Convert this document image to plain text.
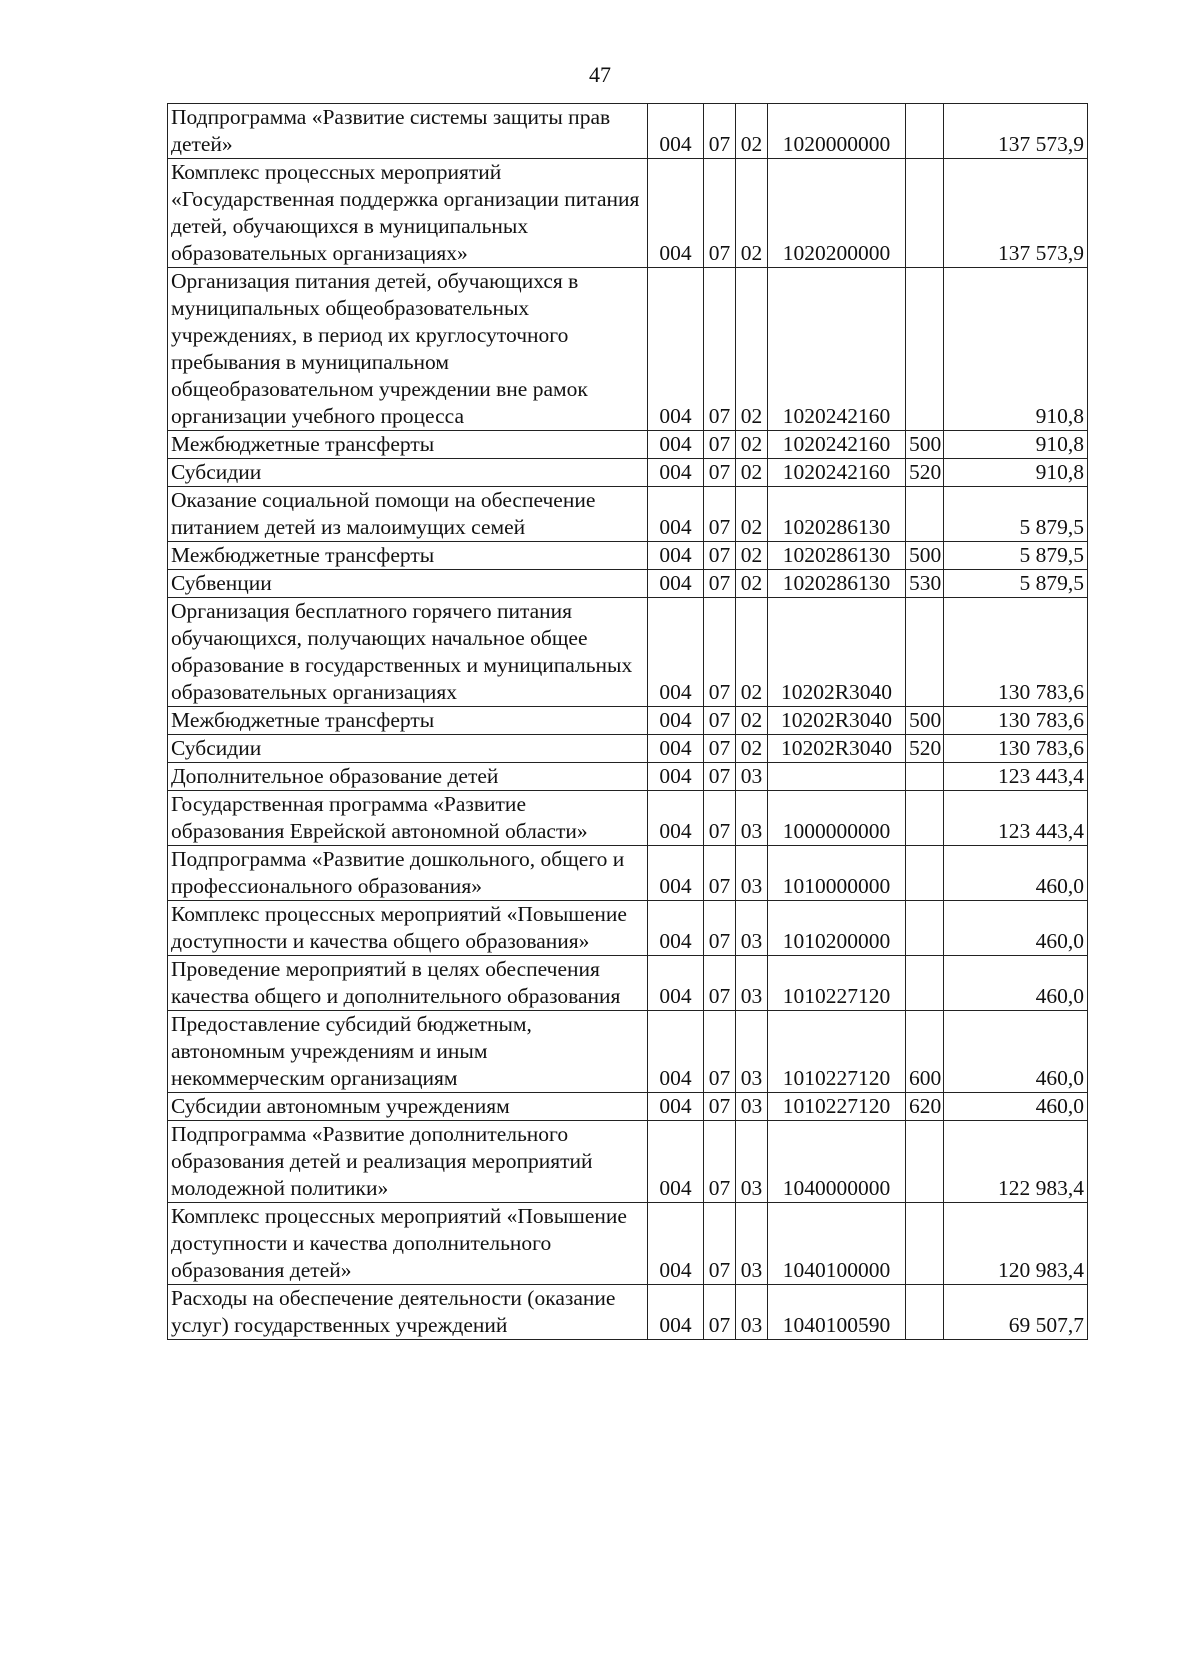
47
Подпрограмма «Развитие системы защиты прав детей»	004	07	02	1020000000		137 573,9
Комплекс процессных мероприятий «Государственная поддержка организации питания детей, обучающихся в муниципальных образовательных организациях»	004	07	02	1020200000		137 573,9
Организация питания детей, обучающихся в муниципальных общеобразовательных учреждениях, в период их круглосуточного пребывания в муниципальном общеобразовательном учреждении вне рамок организации учебного процесса	004	07	02	1020242160		910,8
Межбюджетные трансферты	004	07	02	1020242160	500	910,8
Субсидии	004	07	02	1020242160	520	910,8
Оказание социальной помощи на обеспечение питанием детей из малоимущих семей	004	07	02	1020286130		5 879,5
Межбюджетные трансферты	004	07	02	1020286130	500	5 879,5
Субвенции	004	07	02	1020286130	530	5 879,5
Организация бесплатного горячего питания обучающихся, получающих начальное общее образование в государственных и муниципальных образовательных организациях	004	07	02	10202R3040		130 783,6
Межбюджетные трансферты	004	07	02	10202R3040	500	130 783,6
Субсидии	004	07	02	10202R3040	520	130 783,6
Дополнительное образование детей	004	07	03			123 443,4
Государственная программа «Развитие образования Еврейской автономной области»	004	07	03	1000000000		123 443,4
Подпрограмма «Развитие дошкольного, общего и профессионального образования»	004	07	03	1010000000		460,0
Комплекс процессных мероприятий «Повышение доступности и качества общего образования»	004	07	03	1010200000		460,0
Проведение мероприятий в целях обеспечения качества общего и дополнительного образования	004	07	03	1010227120		460,0
Предоставление субсидий бюджетным, автономным учреждениям и иным некоммерческим организациям	004	07	03	1010227120	600	460,0
Субсидии автономным учреждениям	004	07	03	1010227120	620	460,0
Подпрограмма «Развитие дополнительного образования детей и реализация мероприятий молодежной политики»	004	07	03	1040000000		122 983,4
Комплекс процессных мероприятий «Повышение доступности и качества дополнительного образования детей»	004	07	03	1040100000		120 983,4
Расходы на обеспечение деятельности (оказание услуг) государственных учреждений	004	07	03	1040100590		69 507,7
